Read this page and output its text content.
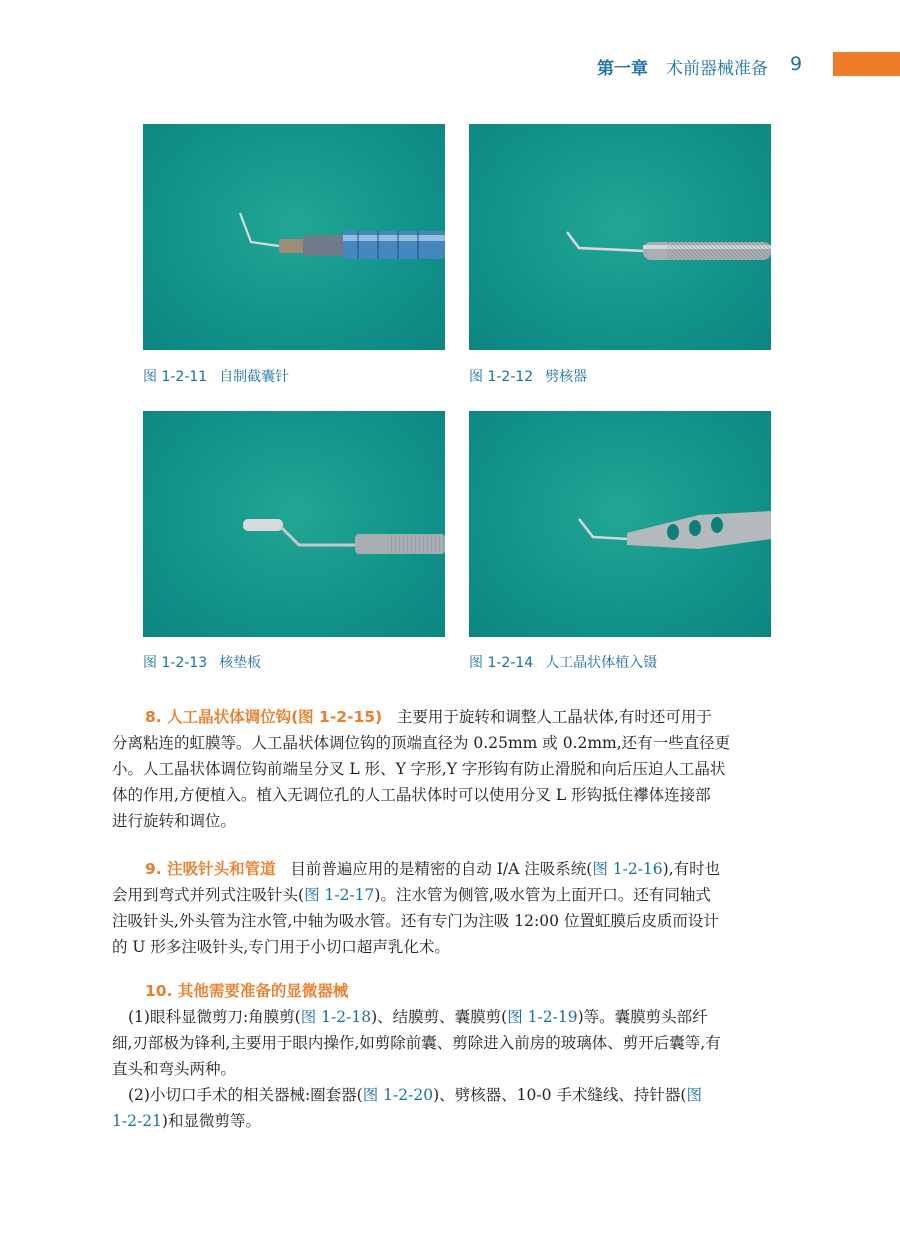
第一章 术前器械准备 9
图 1-2-11 自制截囊针	图 1-2-12 劈核器
图 1-2-13 核垫板	图 1-2-14 人工晶状体植入镊
8. 人工晶状体调位钩(图 1-2-15) 主要用于旋转和调整人工晶状体,有时还可用于
分离粘连的虹膜等。人工晶状体调位钩的顶端直径为 0.25mm 或 0.2mm,还有一些直径更
小。人工晶状体调位钩前端呈分叉 L 形、Y 字形,Y 字形钩有防止滑脱和向后压迫人工晶状
体的作用,方便植入。植入无调位孔的人工晶状体时可以使用分叉 L 形钩抵住襻体连接部
进行旋转和调位。
9. 注吸针头和管道 目前普遍应用的是精密的自动 I/A 注吸系统(图 1-2-16),有时也
会用到弯式并列式注吸针头(图 1-2-17)。注水管为侧管,吸水管为上面开口。还有同轴式
注吸针头,外头管为注水管,中轴为吸水管。还有专门为注吸 12:00 位置虹膜后皮质而设计
的 U 形多注吸针头,专门用于小切口超声乳化术。
10. 其他需要准备的显微器械
(1)眼科显微剪刀:角膜剪(图 1-2-18)、结膜剪、囊膜剪(图 1-2-19)等。囊膜剪头部纤
细,刃部极为锋利,主要用于眼内操作,如剪除前囊、剪除进入前房的玻璃体、剪开后囊等,有
直头和弯头两种。
(2)小切口手术的相关器械:圈套器(图 1-2-20)、劈核器、10-0 手术缝线、持针器(图
1-2-21)和显微剪等。
